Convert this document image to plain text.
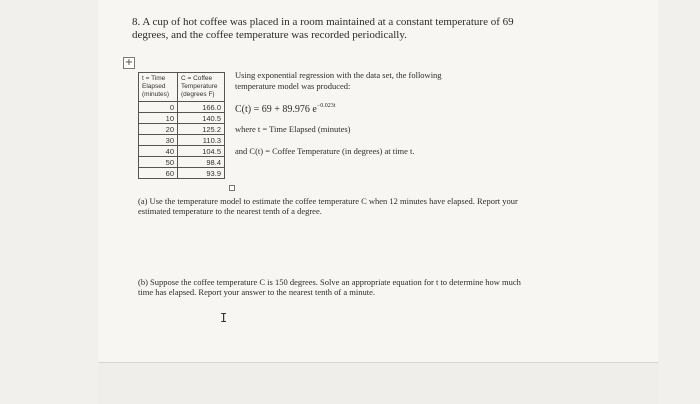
8. A cup of hot coffee was placed in a room maintained at a constant temperature of 69 degrees, and the coffee temperature was recorded periodically.
+
t = Time Elapsed (minutes)	C = Coffee Temperature (degrees F)
0	166.0
10	140.5
20	125.2
30	110.3
40	104.5
50	98.4
60	93.9
Using exponential regression with the data set, the following temperature model was produced:
C(t) = 69 + 89.976 $e^{-0.023t}$
where t = Time Elapsed (minutes)
and C(t) = Coffee Temperature (in degrees) at time t.
(a) Use the temperature model to estimate the coffee temperature C when 12 minutes have elapsed. Report your estimated temperature to the nearest tenth of a degree.
(b) Suppose the coffee temperature C is 150 degrees. Solve an appropriate equation for t to determine how much time has elapsed. Report your answer to the nearest tenth of a minute.
I
